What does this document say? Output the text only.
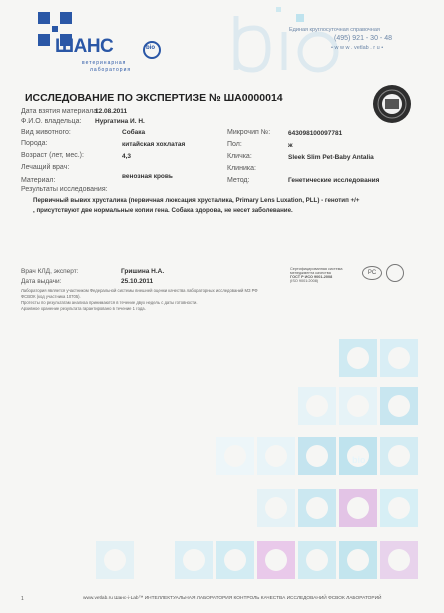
bio
ШАНС	bio
ветеринарная
лаборатория
Единая круглосуточная справочная
(495) 921 - 30 - 48
• w w w . vetlab . r u •
ИССЛЕДОВАНИЕ ПО ЭКСПЕРТИЗЕ № ША0000014
Дата взятия материала:
12.08.2011
Ф.И.О. владельца: Нургатина И. Н.
Вид животного:	Собака
Порода:	китайская хохлатая
Возраст (лет, мес.):	4,3
Лечащий врач:
Материал:
венозная кровь
Микрочип №:	643098100097781
Пол:	ж
Кличка:	Sleek Slim Pet-Baby Antalia
Клиника:
Метод:	Генетические исследования
Результаты исследования:
Первичный вывих хрусталика (первичная люксация хрусталика, Primary Lens Luxation, PLL) - генотип +/+
, присутствуют две нормальные копии гена. Собака здорова, не несет заболевание.
Врач КЛД, эксперт:	Гришина Н.А.
Дата выдачи:	25.10.2011
Лаборатория является участником Федеральной системы внешней оценки качества лабораторных исследований МЗ РФ
ФСВОК (код участника 10705).
Протесты по результатам анализа принимаются в течение двух недель с даты готовности.
Архивное хранение результата гарантировано в течение 1 года.
Сертифицированная система
менеджмента качества
ГОСТ Р ИСО 9001-2008
(ISO 9001:2008)
PC
1	www.vetlab.ru Шанс-i-Lab™ ИНТЕЛЛЕКТУАЛЬНАЯ ЛАБОРАТОРИЯ КОНТРОЛЬ КАЧЕСТВА ИССЛЕДОВАНИЙ ФСВОК ЛАБОРАТОРИЙ
